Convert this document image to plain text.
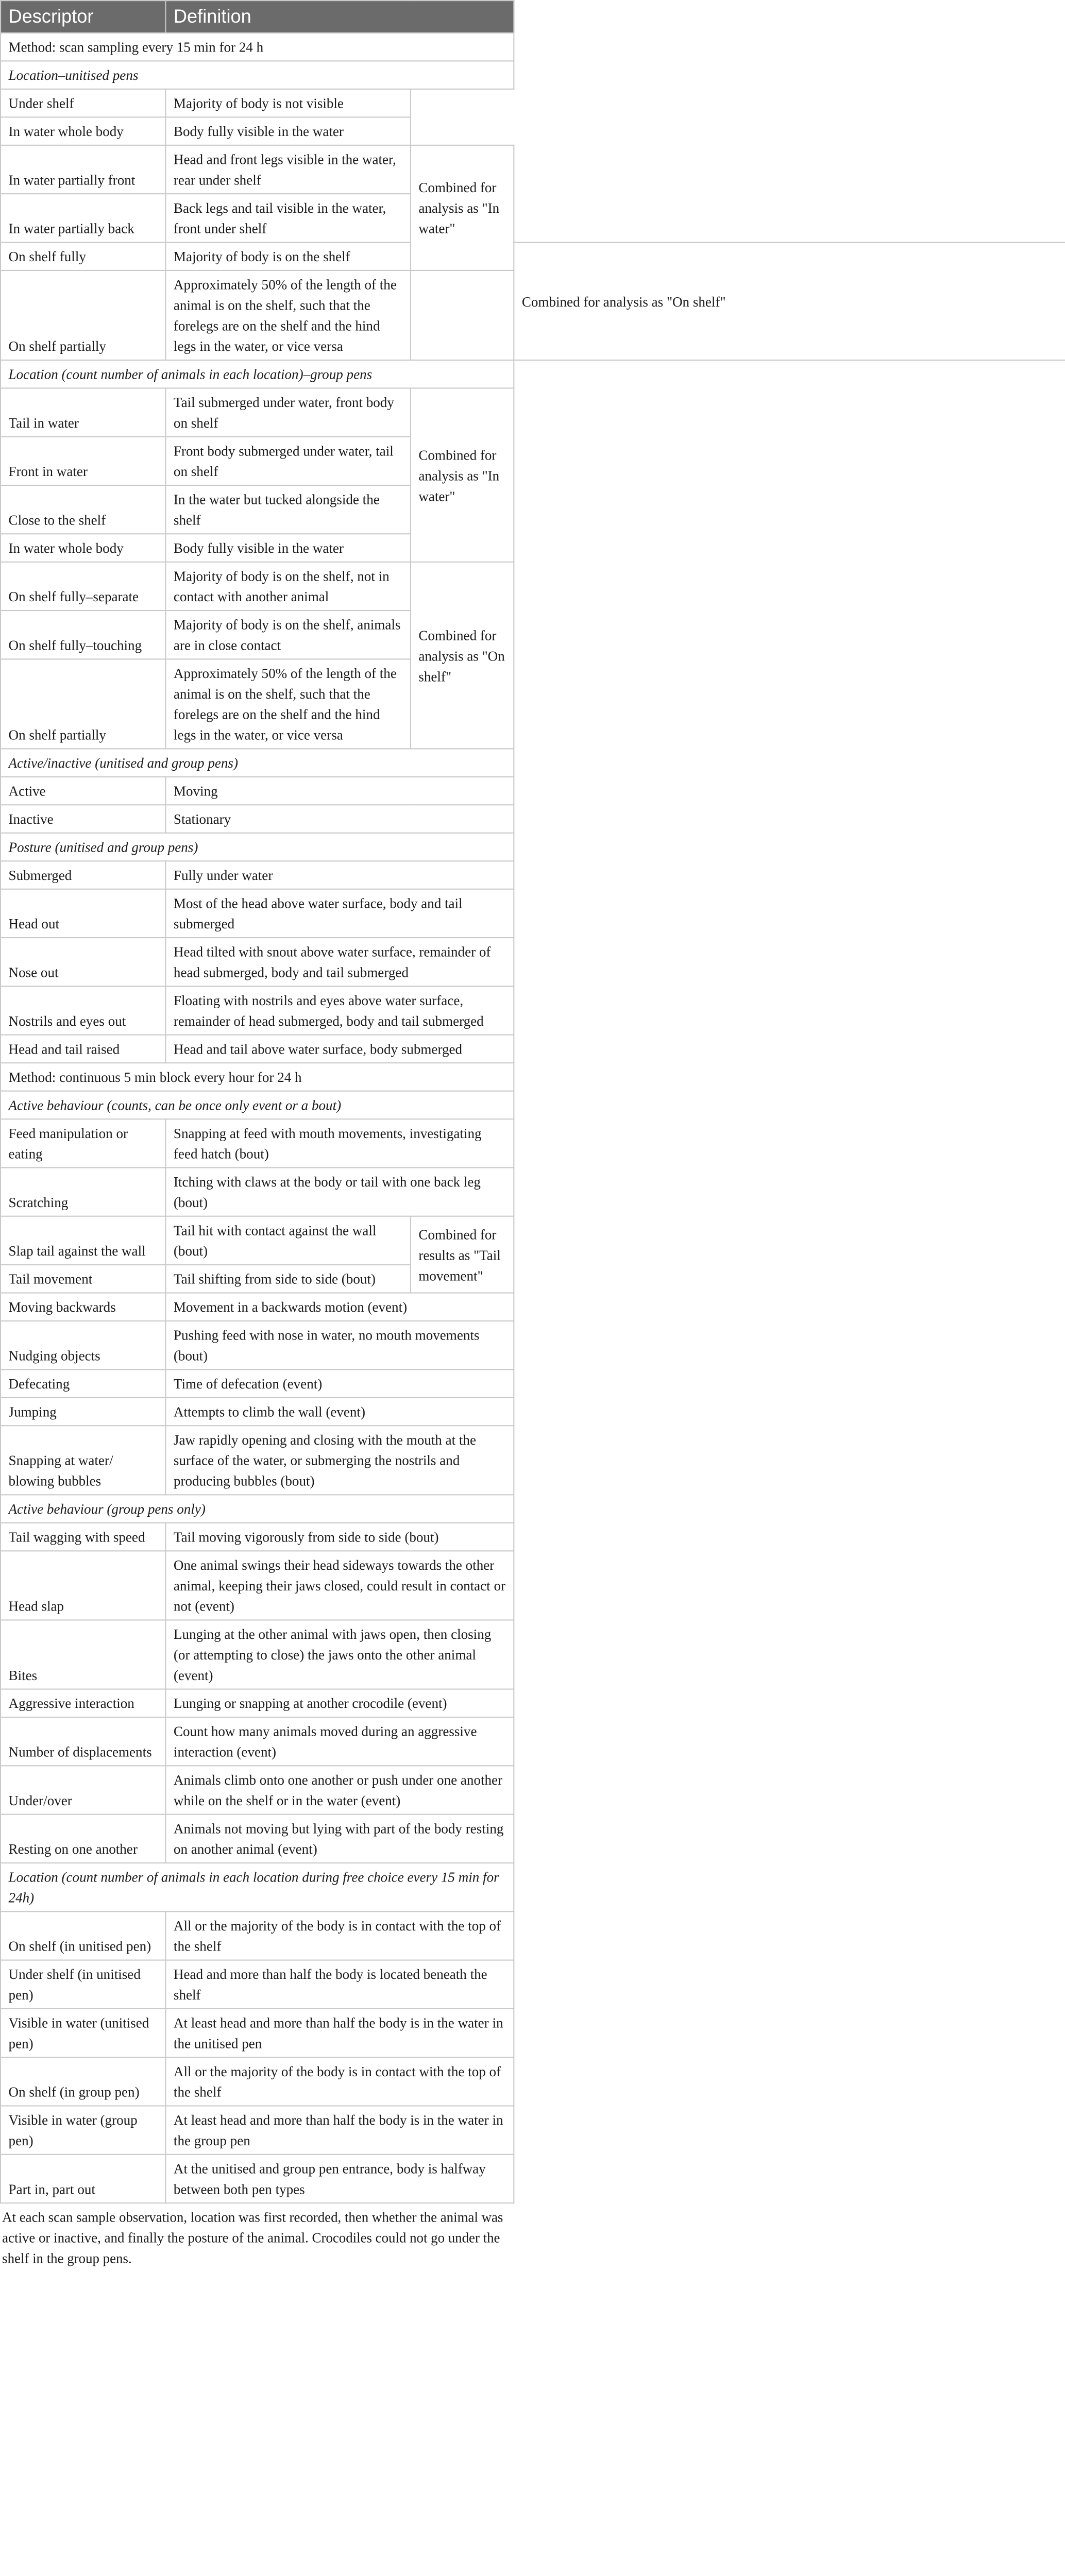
Descriptor	Definition			
Method: scan sampling every 15 min for 24 h				
Location–unitised pens				
Under shelf	Majority of body is not visible			
In water whole body	Body fully visible in the water			
In water partially front	Head and front legs visible in the water, rear under shelf	Combined for analysis as "In water"		
In water partially back	Back legs and tail visible in the water, front under shelf			
On shelf fully	Majority of body is on the shelf		Combined for analysis as "On shelf"	
On shelf partially	Approximately 50% of the length of the animal is on the shelf, such that the forelegs are on the shelf and the hind legs in the water, or vice versa			
Location (count number of animals in each location)–group pens				
Tail in water	Tail submerged under water, front body on shelf	Combined for analysis as "In water"		
Front in water	Front body submerged under water, tail on shelf			
Close to the shelf	In the water but tucked alongside the shelf			
In water whole body	Body fully visible in the water			
On shelf fully–separate	Majority of body is on the shelf, not in contact with another animal	Combined for analysis as "On shelf"		
On shelf fully–touching	Majority of body is on the shelf, animals are in close contact			
On shelf partially	Approximately 50% of the length of the animal is on the shelf, such that the forelegs are on the shelf and the hind legs in the water, or vice versa			
Active/inactive (unitised and group pens)				
Active	Moving			
Inactive	Stationary			
Posture (unitised and group pens)				
Submerged	Fully under water			
Head out	Most of the head above water surface, body and tail submerged			
Nose out	Head tilted with snout above water surface, remainder of head submerged, body and tail submerged			
Nostrils and eyes out	Floating with nostrils and eyes above water surface, remainder of head submerged, body and tail submerged			
Head and tail raised	Head and tail above water surface, body submerged			
Method: continuous 5 min block every hour for 24 h				
Active behaviour (counts, can be once only event or a bout)				
Feed manipulation or eating	Snapping at feed with mouth movements, investigating feed hatch (bout)			
Scratching	Itching with claws at the body or tail with one back leg (bout)			
Slap tail against the wall	Tail hit with contact against the wall (bout)	Combined for results as "Tail movement"		
Tail movement	Tail shifting from side to side (bout)			
Moving backwards	Movement in a backwards motion (event)			
Nudging objects	Pushing feed with nose in water, no mouth movements (bout)			
Defecating	Time of defecation (event)			
Jumping	Attempts to climb the wall (event)			
Snapping at water/ blowing bubbles	Jaw rapidly opening and closing with the mouth at the surface of the water, or submerging the nostrils and producing bubbles (bout)			
Active behaviour (group pens only)				
Tail wagging with speed	Tail moving vigorously from side to side (bout)			
Head slap	One animal swings their head sideways towards the other animal, keeping their jaws closed, could result in contact or not (event)			
Bites	Lunging at the other animal with jaws open, then closing (or attempting to close) the jaws onto the other animal (event)			
Aggressive interaction	Lunging or snapping at another crocodile (event)			
Number of displacements	Count how many animals moved during an aggressive interaction (event)			
Under/over	Animals climb onto one another or push under one another while on the shelf or in the water (event)			
Resting on one another	Animals not moving but lying with part of the body resting on another animal (event)			
Location (count number of animals in each location during free choice every 15 min for 24h)				
On shelf (in unitised pen)	All or the majority of the body is in contact with the top of the shelf			
Under shelf (in unitised pen)	Head and more than half the body is located beneath the shelf			
Visible in water (unitised pen)	At least head and more than half the body is in the water in the unitised pen			
On shelf (in group pen)	All or the majority of the body is in contact with the top of the shelf			
Visible in water (group pen)	At least head and more than half the body is in the water in the group pen			
Part in, part out	At the unitised and group pen entrance, body is halfway between both pen types			
At each scan sample observation, location was first recorded, then whether the animal was active or inactive, and finally the posture of the animal. Crocodiles could not go under the shelf in the group pens.
